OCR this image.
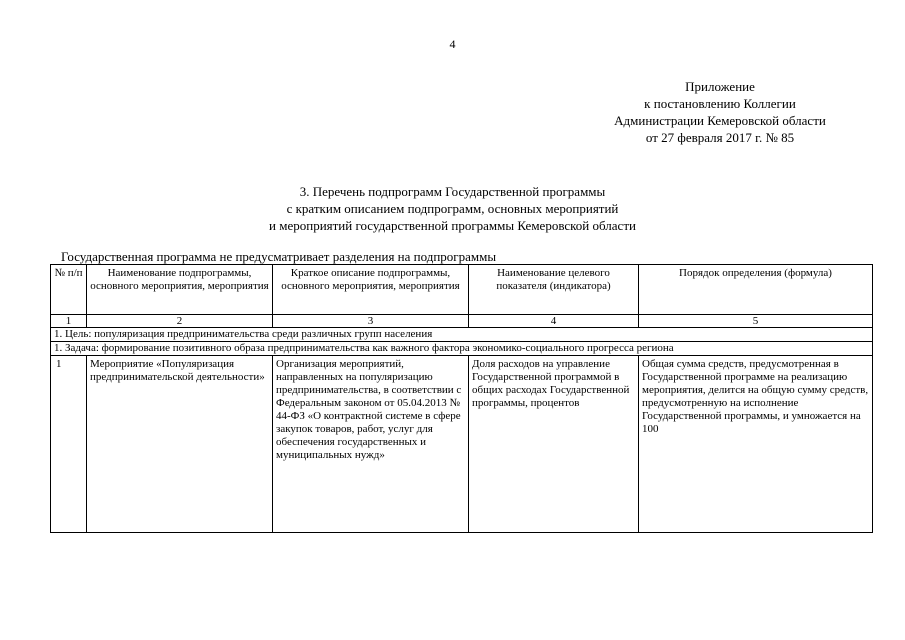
4
Приложение
к постановлению Коллегии
Администрации Кемеровской области
от 27 февраля 2017 г. № 85
3. Перечень подпрограмм Государственной программы
с кратким описанием подпрограмм, основных мероприятий
и мероприятий государственной программы Кемеровской области
Государственная программа не предусматривает разделения на подпрограммы
№ п/п	Наименование подпрограммы, основного мероприятия, мероприятия	Краткое описание подпрограммы, основного мероприятия, мероприятия	Наименование целевого показателя (индикатора)	Порядок определения (формула)
1	2	3	4	5
1. Цель: популяризация предпринимательства среди различных групп населения				
1. Задача: формирование позитивного образа предпринимательства как важного фактора экономико-социального прогресса региона				
1	Мероприятие «Популяризация предпринимательской деятельности»	Организация мероприятий, направленных на популяризацию предпринимательства, в соответствии с Федеральным законом от 05.04.2013 № 44-ФЗ «О контрактной системе в сфере закупок товаров, работ, услуг для обеспечения государственных и муниципальных нужд»	Доля расходов на управление Государственной программой в общих расходах Государственной программы, процентов	Общая сумма средств, предусмотренная в Государственной программе на реализацию мероприятия, делится на общую сумму средств, предусмотренную на исполнение Государственной программы, и умножается на 100
